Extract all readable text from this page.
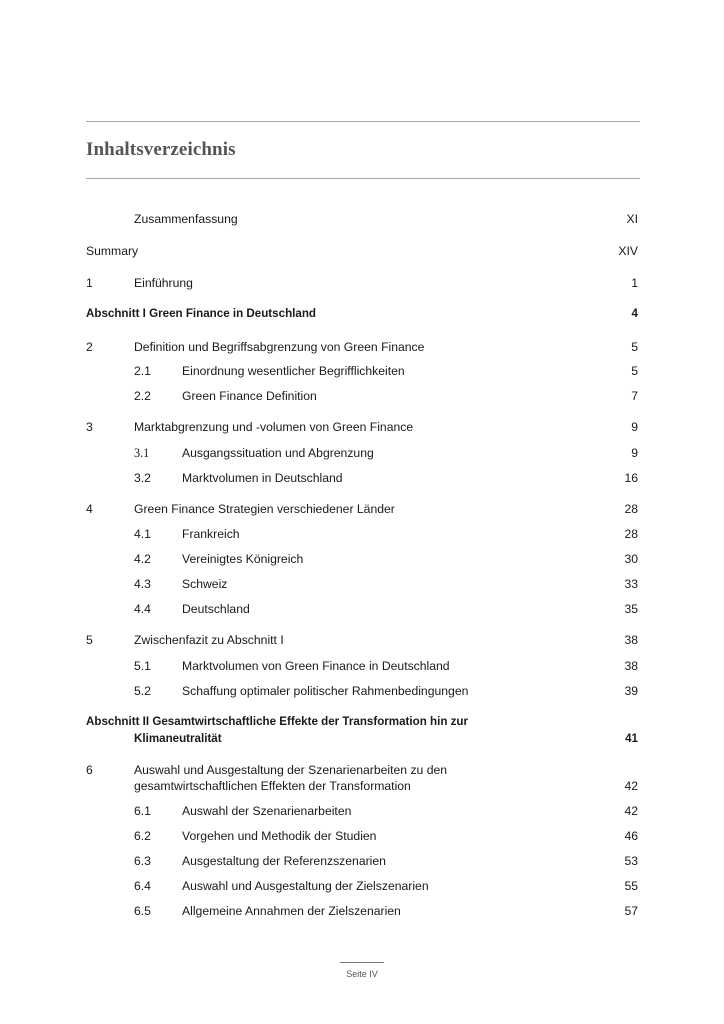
Inhaltsverzeichnis
Zusammenfassung	XI
Summary	XIV
1	Einführung	1
Abschnitt I Green Finance in Deutschland	4
2	Definition und Begriffsabgrenzung von Green Finance	5
2.1	Einordnung wesentlicher Begrifflichkeiten	5
2.2	Green Finance Definition	7
3	Marktabgrenzung und -volumen von Green Finance	9
3.1	Ausgangssituation und Abgrenzung	9
3.2	Marktvolumen in Deutschland	16
4	Green Finance Strategien verschiedener Länder	28
4.1	Frankreich	28
4.2	Vereinigtes Königreich	30
4.3	Schweiz	33
4.4	Deutschland	35
5	Zwischenfazit zu Abschnitt I	38
5.1	Marktvolumen von Green Finance in Deutschland	38
5.2	Schaffung optimaler politischer Rahmenbedingungen	39
Abschnitt II Gesamtwirtschaftliche Effekte der Transformation hin zur

Klimaneutralität	41
6	Auswahl und Ausgestaltung der Szenarienarbeiten zu den

gesamtwirtschaftlichen Effekten der Transformation	42
6.1	Auswahl der Szenarienarbeiten	42
6.2	Vorgehen und Methodik der Studien	46
6.3	Ausgestaltung der Referenzszenarien	53
6.4	Auswahl und Ausgestaltung der Zielszenarien	55
6.5	Allgemeine Annahmen der Zielszenarien	57
Seite IV
